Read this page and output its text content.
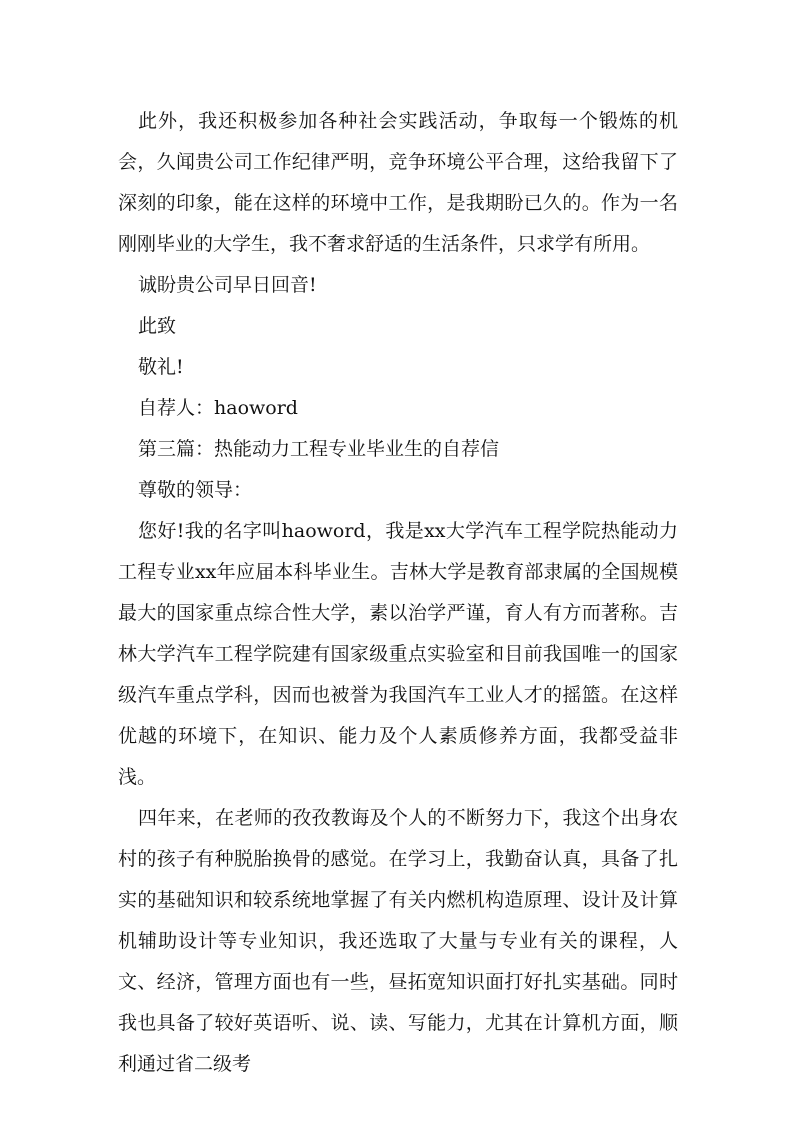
此外，我还积极参加各种社会实践活动，争取每一个锻炼的机会，久闻贵公司工作纪律严明，竞争环境公平合理，这给我留下了深刻的印象，能在这样的环境中工作，是我期盼已久的。作为一名刚刚毕业的大学生，我不奢求舒适的生活条件，只求学有所用。

诚盼贵公司早日回音!

此致

敬礼!

自荐人：haoword

第三篇：热能动力工程专业毕业生的自荐信

尊敬的领导：

您好!我的名字叫haoword，我是xx大学汽车工程学院热能动力工程专业xx年应届本科毕业生。吉林大学是教育部隶属的全国规模最大的国家重点综合性大学，素以治学严谨，育人有方而著称。吉林大学汽车工程学院建有国家级重点实验室和目前我国唯一的国家级汽车重点学科，因而也被誉为我国汽车工业人才的摇篮。在这样优越的环境下，在知识、能力及个人素质修养方面，我都受益非浅。

四年来，在老师的孜孜教诲及个人的不断努力下，我这个出身农村的孩子有种脱胎换骨的感觉。在学习上，我勤奋认真，具备了扎实的基础知识和较系统地掌握了有关内燃机构造原理、设计及计算机辅助设计等专业知识，我还选取了大量与专业有关的课程，人文、经济，管理方面也有一些，昼拓宽知识面打好扎实基础。同时我也具备了较好英语听、说、读、写能力，尤其在计算机方面，顺利通过省二级考
